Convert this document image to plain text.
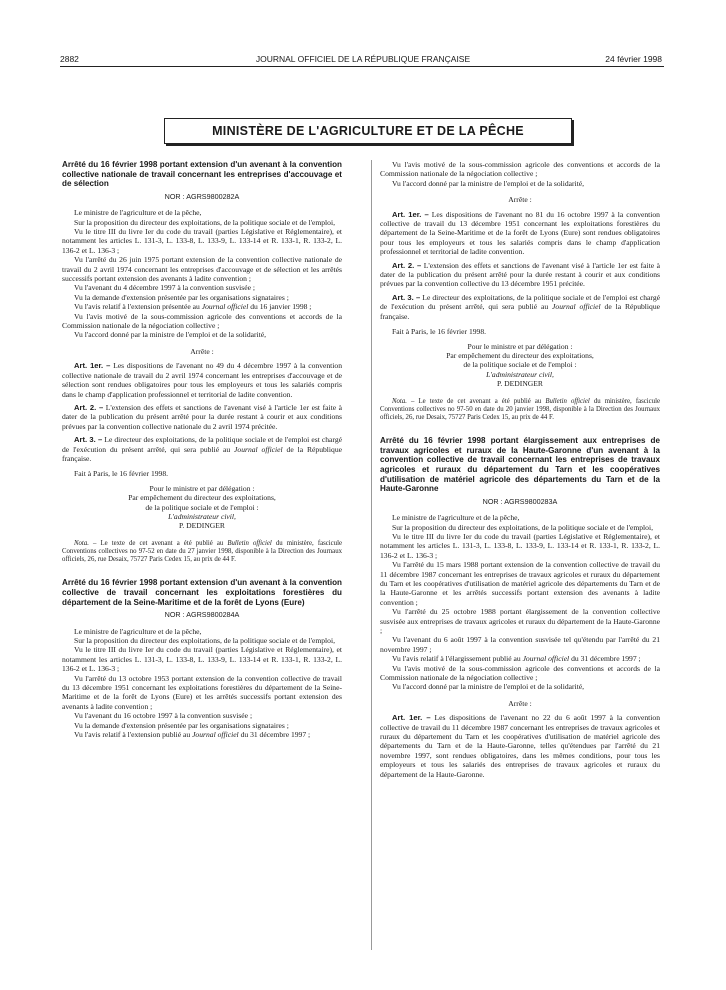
2882	JOURNAL OFFICIEL DE LA RÉPUBLIQUE FRANÇAISE	24 février 1998
MINISTÈRE DE L'AGRICULTURE ET DE LA PÊCHE
Arrêté du 16 février 1998 portant extension d'un avenant à la convention collective nationale de travail concernant les entreprises d'accouvage et de sélection
NOR : AGRS9800282A

Le ministre de l'agriculture et de la pêche,

Sur la proposition du directeur des exploitations, de la politique sociale et de l'emploi,

Vu le titre III du livre Ier du code du travail (parties Législative et Réglementaire), et notamment les articles L. 131-3, L. 133-8, L. 133-9, L. 133-14 et R. 133-1, R. 133-2, L. 136-2 et L. 136-3 ;

Vu l'arrêté du 26 juin 1975 portant extension de la convention collective nationale de travail du 2 avril 1974 concernant les entreprises d'accouvage et de sélection et les arrêtés successifs portant extension des avenants à ladite convention ;

Vu l'avenant du 4 décembre 1997 à la convention susvisée ;

Vu la demande d'extension présentée par les organisations signataires ;

Vu l'avis relatif à l'extension présentée au Journal officiel du 16 janvier 1998 ;

Vu l'avis motivé de la sous-commission agricole des conventions et accords de la Commission nationale de la négociation collective ;

Vu l'accord donné par la ministre de l'emploi et de la solidarité,

Arrête :

Art. 1er. – Les dispositions de l'avenant no 49 du 4 décembre 1997 à la convention collective nationale de travail du 2 avril 1974 concernant les entreprises d'accouvage et de sélection sont rendues obligatoires pour tous les employeurs et tous les salariés compris dans le champ d'application professionnel et territorial de ladite convention.

Art. 2. – L'extension des effets et sanctions de l'avenant visé à l'article 1er est faite à dater de la publication du présent arrêté pour la durée restant à courir et aux conditions prévues par la convention collective nationale du 2 avril 1974 précitée.

Art. 3. – Le directeur des exploitations, de la politique sociale et de l'emploi est chargé de l'exécution du présent arrêté, qui sera publié au Journal officiel de la République française.

Fait à Paris, le 16 février 1998.

Pour le ministre et par délégation :
Par empêchement du directeur des exploitations,
de la politique sociale et de l'emploi :
L'administrateur civil,
P. DEDINGER

Nota. – Le texte de cet avenant a été publié au Bulletin officiel du ministère, fascicule Conventions collectives no 97-52 en date du 27 janvier 1998, disponible à la Direction des Journaux officiels, 26, rue Desaix, 75727 Paris Cedex 15, au prix de 44 F.

Arrêté du 16 février 1998 portant extension d'un avenant à la convention collective de travail concernant les exploitations forestières du département de la Seine-Maritime et de la forêt de Lyons (Eure)
NOR : AGRS9800284A

Le ministre de l'agriculture et de la pêche,

Sur la proposition du directeur des exploitations, de la politique sociale et de l'emploi,

Vu le titre III du livre Ier du code du travail (parties Législative et Réglementaire), et notamment les articles L. 131-3, L. 133-8, L. 133-9, L. 133-14 et R. 133-1, R. 133-2, L. 136-2 et L. 136-3 ;

Vu l'arrêté du 13 octobre 1953 portant extension de la convention collective de travail du 13 décembre 1951 concernant les exploitations forestières du département de la Seine-Maritime et de la forêt de Lyons (Eure) et les arrêtés successifs portant extension des avenants à ladite convention ;

Vu l'avenant du 16 octobre 1997 à la convention susvisée ;

Vu la demande d'extension présentée par les organisations signataires ;

Vu l'avis relatif à l'extension publié au Journal officiel du 31 décembre 1997 ;

Vu l'avis motivé de la sous-commission agricole des conventions et accords de la Commission nationale de la négociation collective ;

Vu l'accord donné par la ministre de l'emploi et de la solidarité,

Arrête :

Art. 1er. – Les dispositions de l'avenant no 81 du 16 octobre 1997 à la convention collective de travail du 13 décembre 1951 concernant les exploitations forestières du département de la Seine-Maritime et de la forêt de Lyons (Eure) sont rendues obligatoires pour tous les employeurs et tous les salariés compris dans le champ d'application professionnel et territorial de ladite convention.

Art. 2. – L'extension des effets et sanctions de l'avenant visé à l'article 1er est faite à dater de la publication du présent arrêté pour la durée restant à courir et aux conditions prévues par la convention collective du 13 décembre 1951 précitée.

Art. 3. – Le directeur des exploitations, de la politique sociale et de l'emploi est chargé de l'exécution du présent arrêté, qui sera publié au Journal officiel de la République française.

Fait à Paris, le 16 février 1998.

Pour le ministre et par délégation :
Par empêchement du directeur des exploitations,
de la politique sociale et de l'emploi :
L'administrateur civil,
P. DEDINGER

Nota. – Le texte de cet avenant a été publié au Bulletin officiel du ministère, fascicule Conventions collectives no 97-50 en date du 20 janvier 1998, disponible à la Direction des Journaux officiels, 26, rue Desaix, 75727 Paris Cedex 15, au prix de 44 F.

Arrêté du 16 février 1998 portant élargissement aux entreprises de travaux agricoles et ruraux de la Haute-Garonne d'un avenant à la convention collective de travail concernant les entreprises de travaux agricoles et ruraux du département du Tarn et les coopératives d'utilisation de matériel agricole des départements du Tarn et de la Haute-Garonne
NOR : AGRS9800283A

Le ministre de l'agriculture et de la pêche,

Sur la proposition du directeur des exploitations, de la politique sociale et de l'emploi,

Vu le titre III du livre Ier du code du travail (parties Législative et Réglementaire), et notamment les articles L. 131-3, L. 133-8, L. 133-9, L. 133-14 et R. 133-1, R. 133-2, L. 136-2 et L. 136-3 ;

Vu l'arrêté du 15 mars 1988 portant extension de la convention collective de travail du 11 décembre 1987 concernant les entreprises de travaux agricoles et ruraux du département du Tarn et les coopératives d'utilisation de matériel agricole des départements du Tarn et de la Haute-Garonne et les arrêtés successifs portant extension des avenants à ladite convention ;

Vu l'arrêté du 25 octobre 1988 portant élargissement de la convention collective susvisée aux entreprises de travaux agricoles et ruraux du département de la Haute-Garonne ;

Vu l'avenant du 6 août 1997 à la convention susvisée tel qu'étendu par l'arrêté du 21 novembre 1997 ;

Vu l'avis relatif à l'élargissement publié au Journal officiel du 31 décembre 1997 ;

Vu l'avis motivé de la sous-commission agricole des conventions et accords de la Commission nationale de la négociation collective ;

Vu l'accord donné par la ministre de l'emploi et de la solidarité,

Arrête :

Art. 1er. – Les dispositions de l'avenant no 22 du 6 août 1997 à la convention collective de travail du 11 décembre 1987 concernant les entreprises de travaux agricoles et ruraux du département du Tarn et les coopératives d'utilisation de matériel agricole des départements du Tarn et de la Haute-Garonne, telles qu'étendues par l'arrêté du 21 novembre 1997, sont rendues obligatoires, dans les mêmes conditions, pour tous les employeurs et tous les salariés des entreprises de travaux agricoles et ruraux du département de la Haute-Garonne.
